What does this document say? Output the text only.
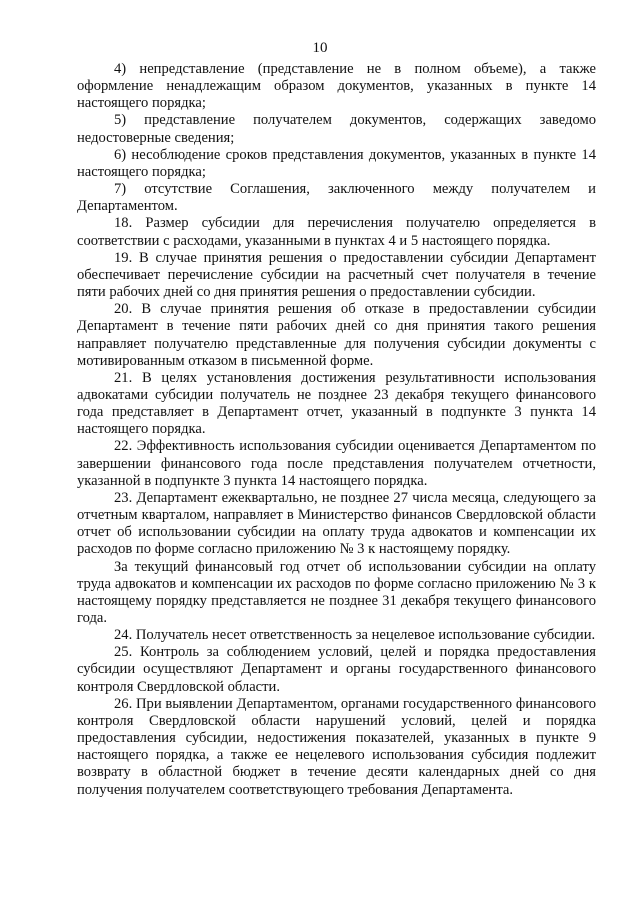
10

4) непредставление (представление не в полном объеме), а также оформление ненадлежащим образом документов, указанных в пункте 14 настоящего порядка;

5) представление получателем документов, содержащих заведомо недостоверные сведения;

6) несоблюдение сроков представления документов, указанных в пункте 14 настоящего порядка;

7) отсутствие Соглашения, заключенного между получателем и Департаментом.

18. Размер субсидии для перечисления получателю определяется в соответствии с расходами, указанными в пунктах 4 и 5 настоящего порядка.

19. В случае принятия решения о предоставлении субсидии Департамент обеспечивает перечисление субсидии на расчетный счет получателя в течение пяти рабочих дней со дня принятия решения о предоставлении субсидии.

20. В случае принятия решения об отказе в предоставлении субсидии Департамент в течение пяти рабочих дней со дня принятия такого решения направляет получателю представленные для получения субсидии документы с мотивированным отказом в письменной форме.

21. В целях установления достижения результативности использования адвокатами субсидии получатель не позднее 23 декабря текущего финансового года представляет в Департамент отчет, указанный в подпункте 3 пункта 14 настоящего порядка.

22. Эффективность использования субсидии оценивается Департаментом по завершении финансового года после представления получателем отчетности, указанной в подпункте 3 пункта 14 настоящего порядка.

23. Департамент ежеквартально, не позднее 27 числа месяца, следующего за отчетным кварталом, направляет в Министерство финансов Свердловской области отчет об использовании субсидии на оплату труда адвокатов и компенсации их расходов по форме согласно приложению № 3 к настоящему порядку.

За текущий финансовый год отчет об использовании субсидии на оплату труда адвокатов и компенсации их расходов по форме согласно приложению № 3 к настоящему порядку представляется не позднее 31 декабря текущего финансового года.

24. Получатель несет ответственность за нецелевое использование субсидии.

25. Контроль за соблюдением условий, целей и порядка предоставления субсидии осуществляют Департамент и органы государственного финансового контроля Свердловской области.

26. При выявлении Департаментом, органами государственного финансового контроля Свердловской области нарушений условий, целей и порядка предоставления субсидии, недостижения показателей, указанных в пункте 9 настоящего порядка, а также ее нецелевого использования субсидия подлежит возврату в областной бюджет в течение десяти календарных дней со дня получения получателем соответствующего требования Департамента.
